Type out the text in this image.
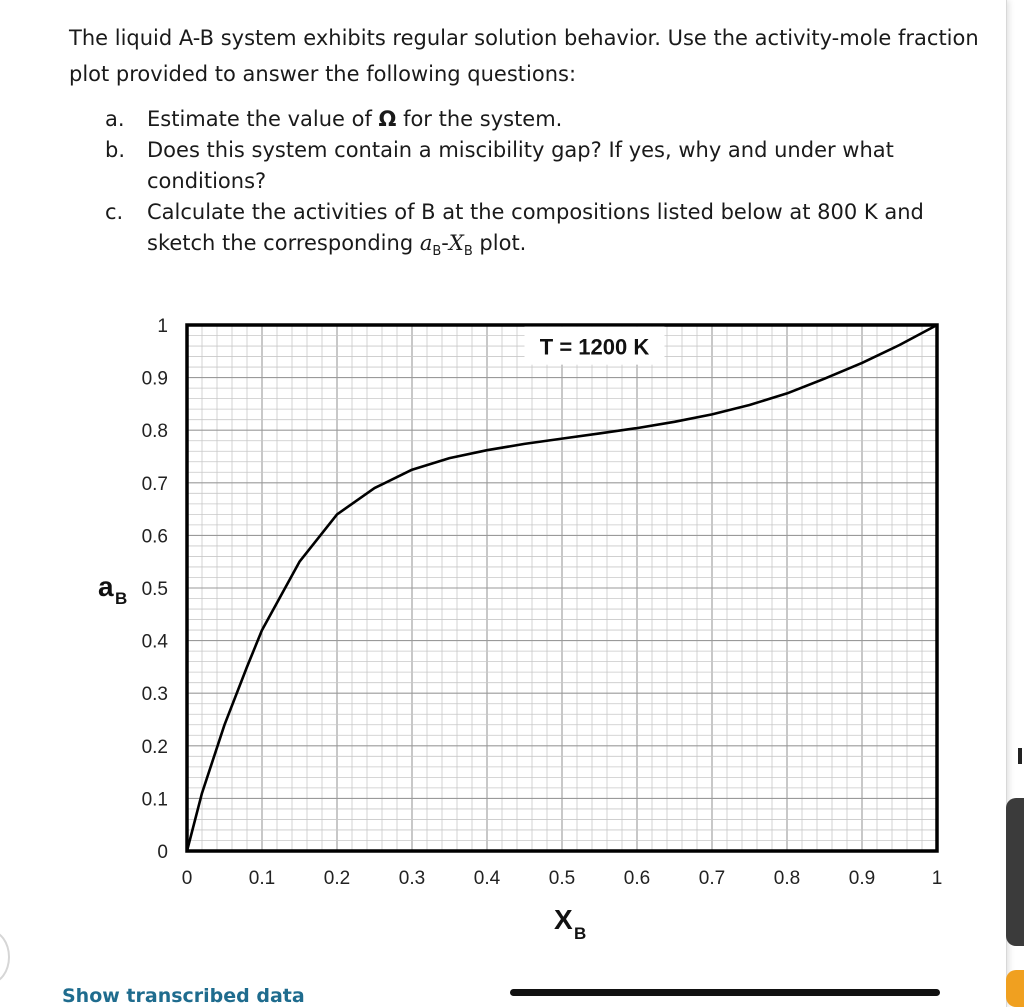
The liquid A-B system exhibits regular solution behavior. Use the activity-mole fraction plot provided to answer the following questions:
a. Estimate the value of Ω for the system.
b. Does this system contain a miscibility gap? If yes, why and under what conditions?
c. Calculate the activities of B at the compositions listed below at 800 K and sketch the corresponding $a_B-X_B$ plot.
0	0.1	0.2	0.3	0.4	0.5	0.6	0.7	0.8	0.9	1
0
0.1
0.2
0.3
0.4
0.5
0.6
0.7
0.8
0.9
1
T = 1200 K
X B
a B
Show transcribed data
